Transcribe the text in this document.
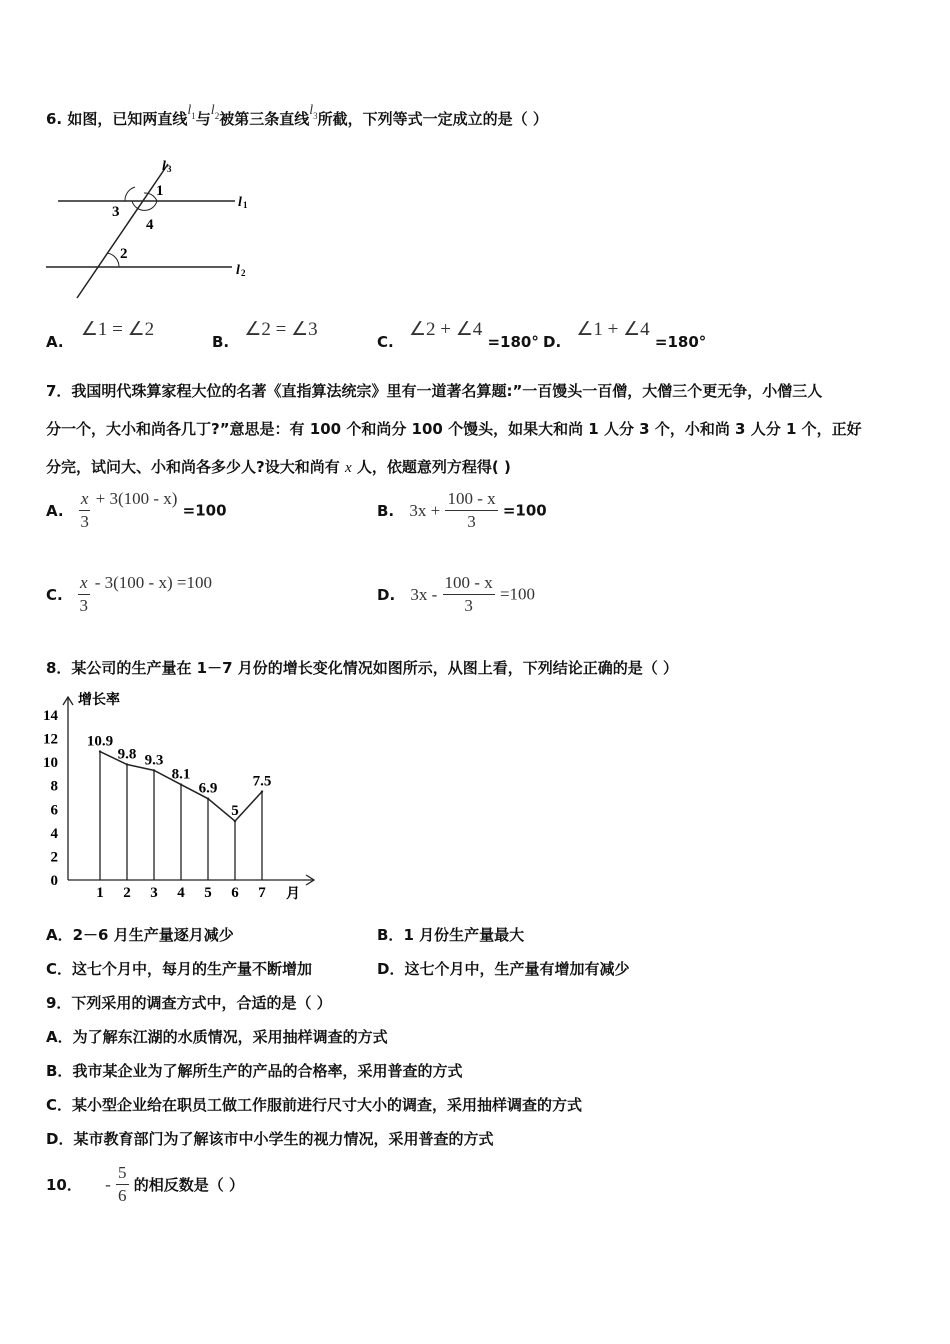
6. 如图，已知两直线$l_1$与$l_2$被第三条直线$l_3$所截，下列等式一定成立的是（ ）
l 3
l 1
l 2
1
3
4
2
A. ∠1 = ∠2
B. ∠2 = ∠3
C. ∠2 + ∠4 =180° D. ∠1 + ∠4 =180°
7．我国明代珠算家程大位的名著《直指算法统宗》里有一道著名算题:”一百馒头一百僧，大僧三个更无争，小僧三人
分一个，大小和尚各几丁?”意思是：有 100 个和尚分 100 个馒头，如果大和尚 1 人分 3 个，小和尚 3 人分 1 个，正好
分完，试问大、小和尚各多少人?设大和尚有 x 人，依题意列方程得( )
A. $\frac{x}{3} + 3(100 - x) =100$	B. $3x + \frac{100 - x}{3} =100$
C. $\frac{x}{3} - 3(100 - x) =100$
D. $3x - \frac{100 - x}{3} =100$
8．某公司的生产量在 1－7 月份的增长变化情况如图所示，从图上看，下列结论正确的是（ ）
增长率
月
0
2
4
6
8
10
12
14
1 2 3 4 5 6 7
10.9
9.8 9.3
8.1
6.9
5
7.5
A．2－6 月生产量逐月减少	B．1 月份生产量最大
C．这七个月中，每月的生产量不断增加	D．这七个月中，生产量有增加有减少
9．下列采用的调查方式中，合适的是（ ）
A．为了解东江湖的水质情况，采用抽样调查的方式
B．我市某企业为了解所生产的产品的合格率，采用普查的方式
C．某小型企业给在职员工做工作服前进行尺寸大小的调查，采用抽样调查的方式
D．某市教育部门为了解该市中小学生的视力情况，采用普查的方式
10． - $\frac{5}{6}$ 的相反数是（ ）
